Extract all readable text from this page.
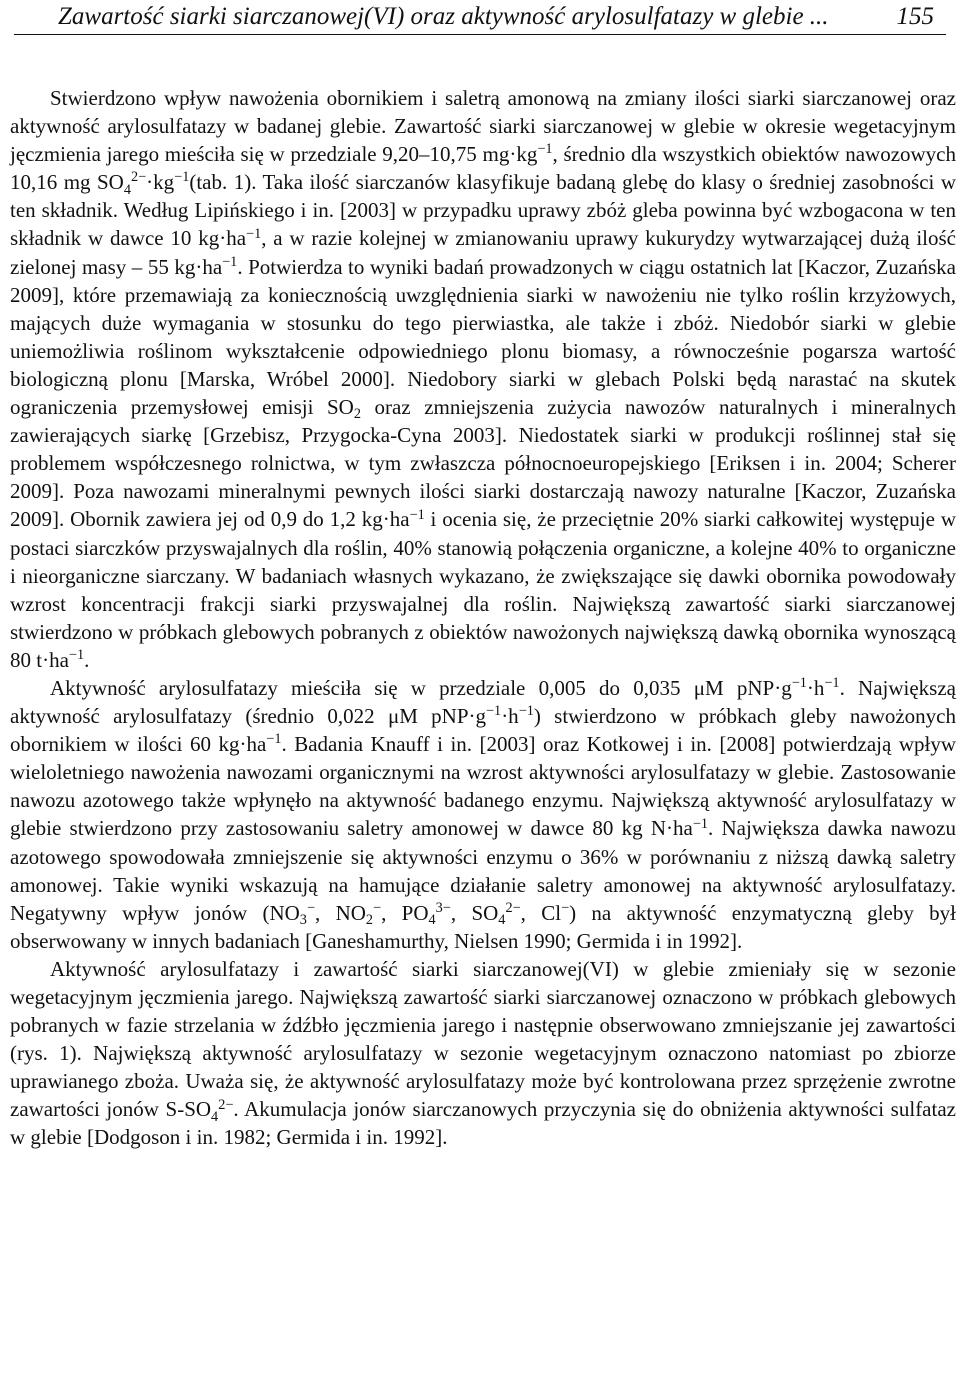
Zawartość siarki siarczanowej(VI) oraz aktywność arylosulfatazy w glebie ...	155

Stwierdzono wpływ nawożenia obornikiem i saletrą amonową na zmiany ilości siarki siarczanowej oraz aktywność arylosulfatazy w badanej glebie. Zawartość siarki siarczanowej w glebie w okresie wegetacyjnym jęczmienia jarego mieściła się w przedziale 9,20–10,75 $mg\cdot kg^{-1}$, średnio dla wszystkich obiektów nawozowych 10,16 mg $SO_4^{2-}\cdot kg^{-1}(tab$. 1). Taka ilość siarczanów klasyfikuje badaną glebę do klasy o średniej zasobności w ten składnik. Według Lipińskiego i in. [2003] w przypadku uprawy zbóż gleba powinna być wzbogacona w ten składnik w dawce 10 $kg\cdot ha^{-1}$, a w razie kolejnej w zmianowaniu uprawy kukurydzy wytwarzającej dużą ilość zielonej masy – 55 $kg\cdot ha^{-1}$. Potwierdza to wyniki badań prowadzonych w ciągu ostatnich lat [Kaczor, Zuzańska 2009], które przemawiają za koniecznością uwzględnienia siarki w nawożeniu nie tylko roślin krzyżowych, mających duże wymagania w stosunku do tego pierwiastka, ale także i zbóż. Niedobór siarki w glebie uniemożliwia roślinom wykształcenie odpowiedniego plonu biomasy, a równocześnie pogarsza wartość biologiczną plonu [Marska, Wróbel 2000]. Niedobory siarki w glebach Polski będą narastać na skutek ograniczenia przemysłowej emisji $SO_2$ oraz zmniejszenia zużycia nawozów naturalnych i mineralnych zawierających siarkę [Grzebisz, Przygocka-Cyna 2003]. Niedostatek siarki w produkcji roślinnej stał się problemem współczesnego rolnictwa, w tym zwłaszcza północnoeuropejskiego [Eriksen i in. 2004; Scherer 2009]. Poza nawozami mineralnymi pewnych ilości siarki dostarczają nawozy naturalne [Kaczor, Zuzańska 2009]. Obornik zawiera jej od 0,9 do 1,2 $kg\cdot ha^{-1}$ i ocenia się, że przeciętnie 20% siarki całkowitej występuje w postaci siarczków przyswajalnych dla roślin, 40% stanowią połączenia organiczne, a kolejne 40% to organiczne i nieorganiczne siarczany. W badaniach własnych wykazano, że zwiększające się dawki obornika powodowały wzrost koncentracji frakcji siarki przyswajalnej dla roślin. Największą zawartość siarki siarczanowej stwierdzono w próbkach glebowych pobranych z obiektów nawożonych największą dawką obornika wynoszącą 80 $t\cdot ha^{-1}$.

Aktywność arylosulfatazy mieściła się w przedziale 0,005 do 0,035 μM $pNP\cdot g^{-1}\cdot h^{-1}$. Największą aktywność arylosulfatazy (średnio 0,022 μM $pNP\cdot g^{-1}\cdot h^{-1}$) stwierdzono w próbkach gleby nawożonych obornikiem w ilości 60 $kg\cdot ha^{-1}$. Badania Knauff i in. [2003] oraz Kotkowej i in. [2008] potwierdzają wpływ wieloletniego nawożenia nawozami organicznymi na wzrost aktywności arylosulfatazy w glebie. Zastosowanie nawozu azotowego także wpłynęło na aktywność badanego enzymu. Największą aktywność arylosulfatazy w glebie stwierdzono przy zastosowaniu saletry amonowej w dawce 80 kg $N\cdot ha^{-1}$. Największa dawka nawozu azotowego spowodowała zmniejszenie się aktywności enzymu o 36% w porównaniu z niższą dawką saletry amonowej. Takie wyniki wskazują na hamujące działanie saletry amonowej na aktywność arylosulfatazy. Negatywny wpływ jonów ($NO_3^-$, $NO_2^-$, $PO_4^{3-}$, $SO_4^{2-}$, Cl−) na aktywność enzymatyczną gleby był obserwowany w innych badaniach [Ganeshamurthy, Nielsen 1990; Germida i in 1992].

Aktywność arylosulfatazy i zawartość siarki siarczanowej(VI) w glebie zmieniały się w sezonie wegetacyjnym jęczmienia jarego. Największą zawartość siarki siarczanowej oznaczono w próbkach glebowych pobranych w fazie strzelania w źdźbło jęczmienia jarego i następnie obserwowano zmniejszanie jej zawartości (rys. 1). Największą aktywność arylosulfatazy w sezonie wegetacyjnym oznaczono natomiast po zbiorze uprawianego zboża. Uważa się, że aktywność arylosulfatazy może być kontrolowana przez sprzężenie zwrotne zawartości jonów $S-SO_4^{2-}$. Akumulacja jonów siarczanowych przyczynia się do obniżenia aktywności sulfataz w glebie [Dodgoson i in. 1982; Germida i in. 1992].
